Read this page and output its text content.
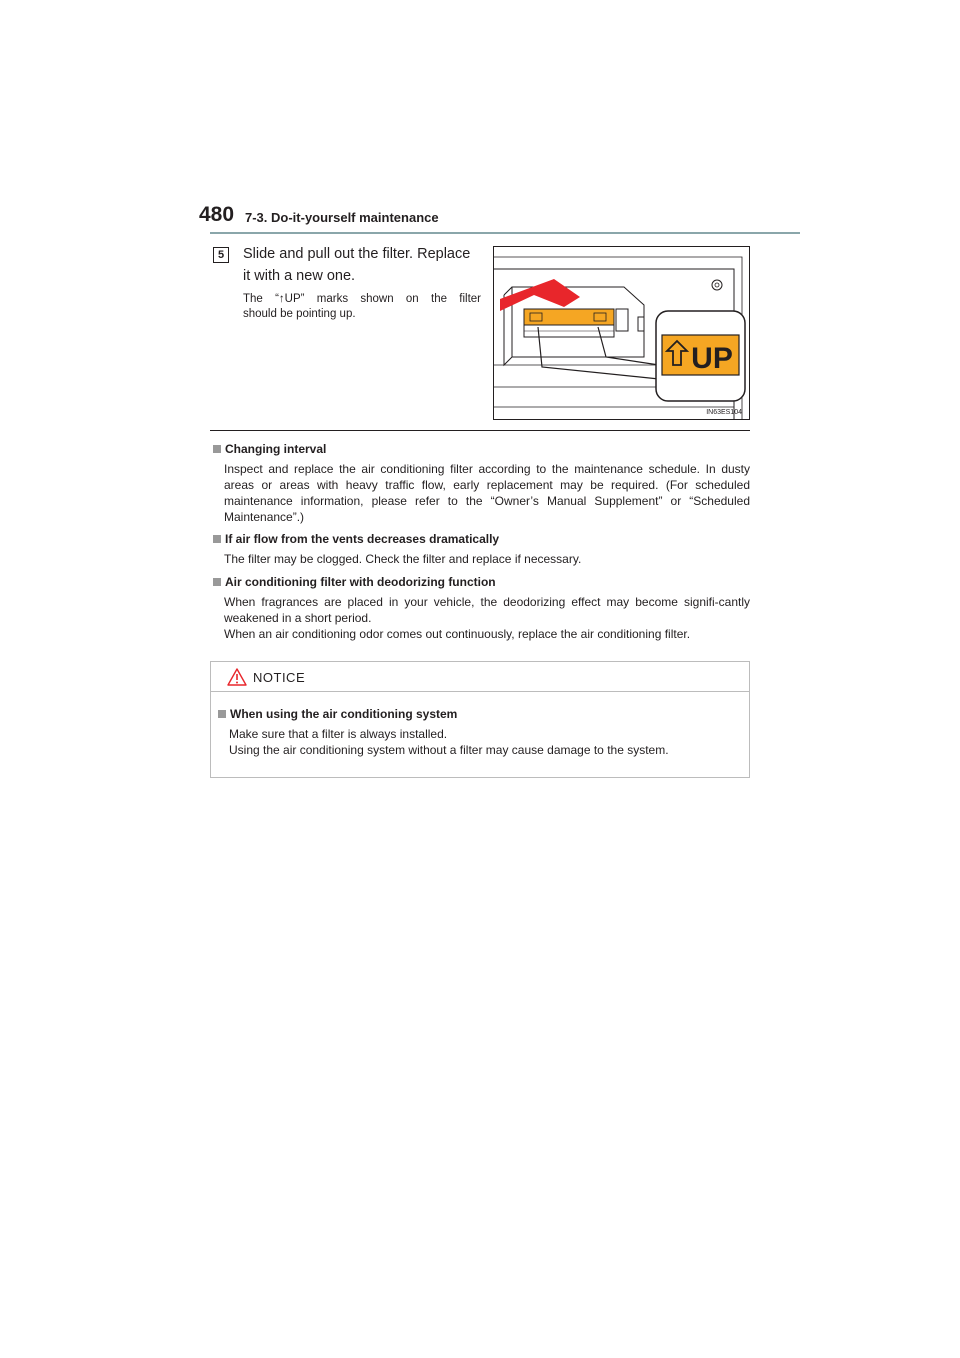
480 7-3. Do-it-yourself maintenance
5	Slide and pull out the filter. Replace it with a new one.
The “↑UP” marks shown on the filter
should be pointing up.
UP
IN63ES104
Changing interval
Inspect and replace the air conditioning filter according to the maintenance schedule. In dusty areas or areas with heavy traffic flow, early replacement may be required. (For scheduled maintenance information, please refer to the “Owner’s Manual Supplement” or “Scheduled Maintenance”.)
If air flow from the vents decreases dramatically
The filter may be clogged. Check the filter and replace if necessary.
Air conditioning filter with deodorizing function
When fragrances are placed in your vehicle, the deodorizing effect may become signifi-cantly weakened in a short period.
When an air conditioning odor comes out continuously, replace the air conditioning filter.
NOTICE
When using the air conditioning system
Make sure that a filter is always installed.
Using the air conditioning system without a filter may cause damage to the system.
